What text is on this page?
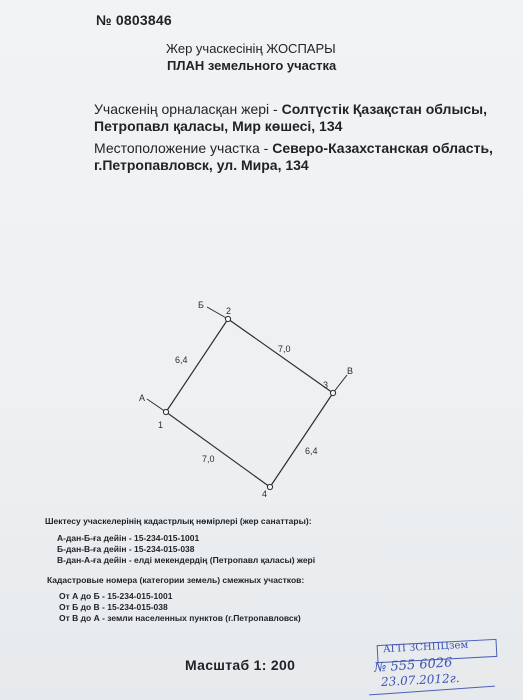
№ 0803846
Жер учаскесінің ЖОСПАРЫ
ПЛАН земельного участка
Учаскенің орналасқан жері - Солтүстік Қазақстан облысы,
Петропавл қаласы, Мир көшесі, 134
Местоположение участка - Северо-Казахстанская область,
г.Петропавловск, ул. Мира, 134
1
2
3
4
6,4
7,0
6,4
7,0
А
Б
В
Шектесу учаскелерінің кадастрлық нөмірлері (жер санаттары):
А-дан-Б-ға дейін - 15-234-015-1001
Б-дан-В-ға дейін - 15-234-015-038
В-дан-А-ға дейін - елді мекендердің (Петропавл қаласы) жері
Кадастровые номера (категории земель) смежных участков:
От А до Б - 15-234-015-1001
От Б до В - 15-234-015-038
От В до А - земли населенных пунктов (г.Петропавловск)
Масштаб 1: 200
АГП ЗСНПЦзем
№ 555 6026
23.07.2012г.
